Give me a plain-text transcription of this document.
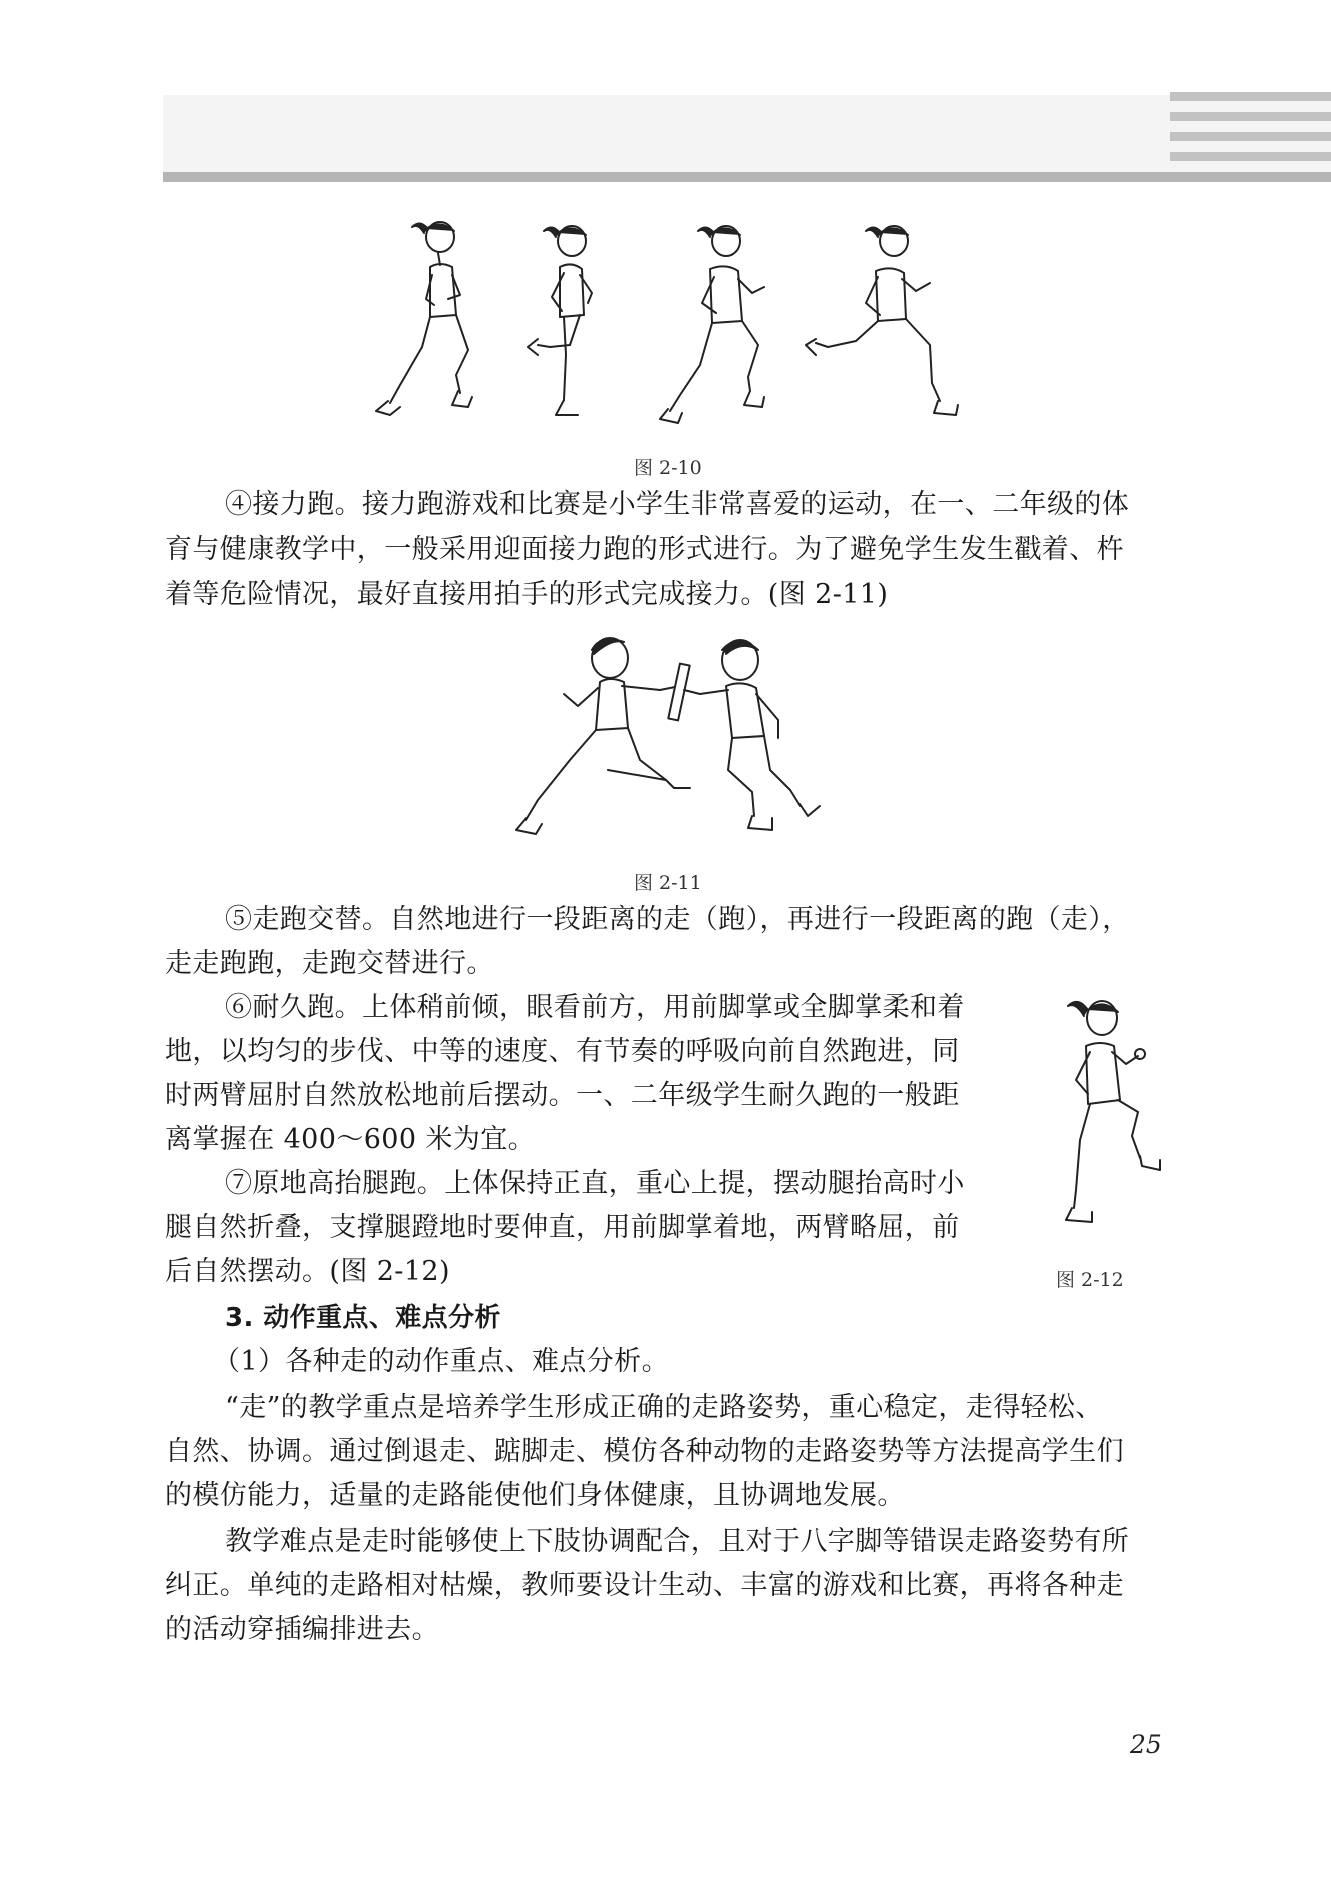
图 2-10
④接力跑。接力跑游戏和比赛是小学生非常喜爱的运动，在一、二年级的体
育与健康教学中，一般采用迎面接力跑的形式进行。为了避免学生发生戳着、杵
着等危险情况，最好直接用拍手的形式完成接力。(图 2-11)
图 2-11
⑤走跑交替。自然地进行一段距离的走（跑），再进行一段距离的跑（走），
走走跑跑，走跑交替进行。
⑥耐久跑。上体稍前倾，眼看前方，用前脚掌或全脚掌柔和着
地，以均匀的步伐、中等的速度、有节奏的呼吸向前自然跑进，同
时两臂屈肘自然放松地前后摆动。一、二年级学生耐久跑的一般距
离掌握在 400～600 米为宜。
⑦原地高抬腿跑。上体保持正直，重心上提，摆动腿抬高时小
腿自然折叠，支撑腿蹬地时要伸直，用前脚掌着地，两臂略屈，前
后自然摆动。(图 2-12)	图 2-12
3. 动作重点、难点分析
（1）各种走的动作重点、难点分析。
“走”的教学重点是培养学生形成正确的走路姿势，重心稳定，走得轻松、
自然、协调。通过倒退走、踮脚走、模仿各种动物的走路姿势等方法提高学生们
的模仿能力，适量的走路能使他们身体健康，且协调地发展。
教学难点是走时能够使上下肢协调配合，且对于八字脚等错误走路姿势有所
纠正。单纯的走路相对枯燥，教师要设计生动、丰富的游戏和比赛，再将各种走
的活动穿插编排进去。
25
